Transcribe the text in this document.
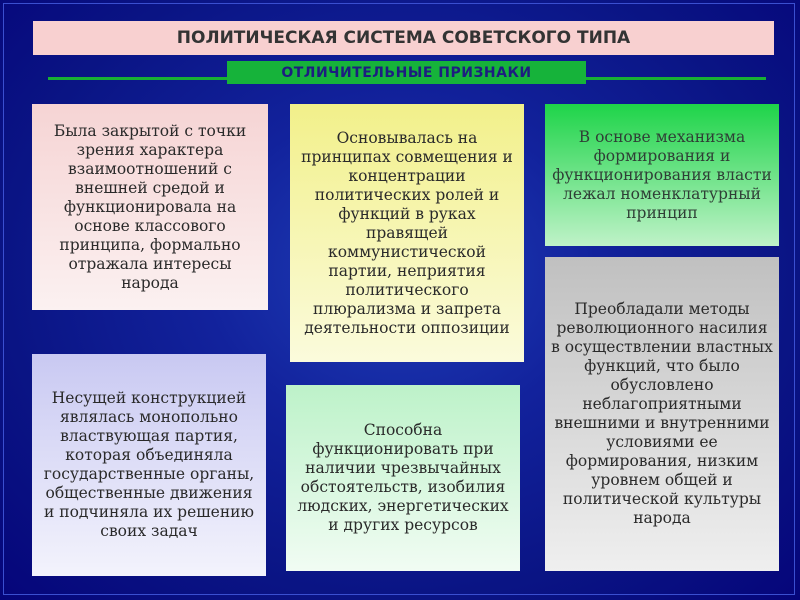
ПОЛИТИЧЕСКАЯ СИСТЕМА СОВЕТСКОГО ТИПА
ОТЛИЧИТЕЛЬНЫЕ ПРИЗНАКИ
Была закрытой с точки зрения характера взаимоотношений с внешней средой и функционировала на основе классового принципа, формально отражала интересы народа
Основывалась на принципах совмещения и концентрации политических ролей и функций в руках правящей коммунистической партии, неприятия политического плюрализма и запрета деятельности оппозиции
В основе механизма формирования и функционирования власти лежал номенклатурный принцип
Несущей конструкцией являлась монопольно властвующая партия, которая объединяла государственные органы, общественные движения и подчиняла их решению своих задач
Способна функционировать при наличии чрезвычайных обстоятельств, изобилия людских, энергетических и других ресурсов
Преобладали методы революционного насилия в осуществлении властных функций, что было обусловлено неблагоприятными внешними и внутренними условиями ее формирования, низким уровнем общей и политической культуры народа
